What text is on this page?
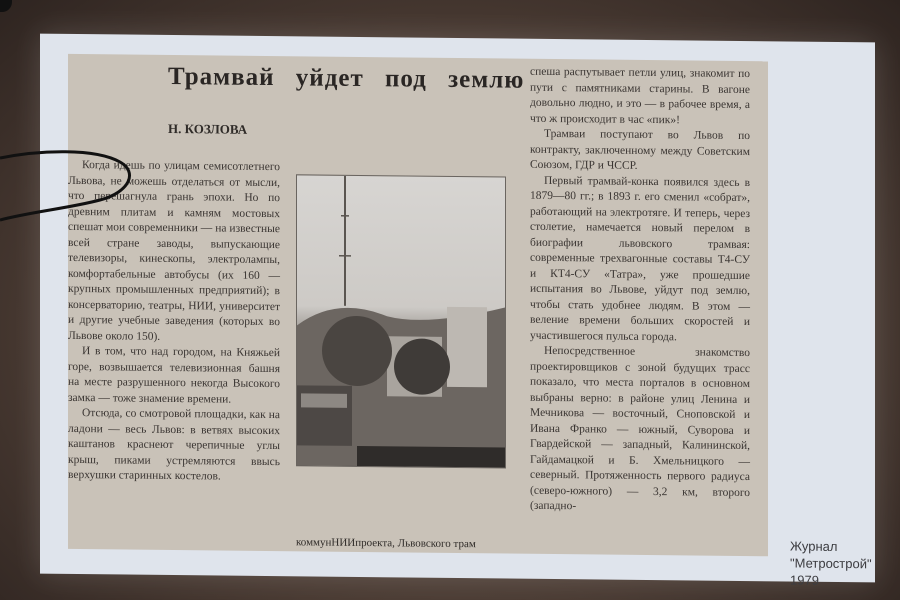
Трамвай уйдет под землю
Н. КОЗЛОВА

Когда идешь по улицам семисотлетнего Львова, не можешь отделаться от мысли, что перешагнула грань эпохи. Но по древним плитам и камням мостовых спешат мои современники — на известные всей стране заводы, выпускающие телевизоры, кинескопы, электролампы, комфортабельные автобусы (их 160 — крупных промышленных предприятий); в консерваторию, театры, НИИ, университет и другие учебные заведения (которых во Львове около 150).

И в том, что над городом, на Княжьей горе, возвышается телевизионная башня на месте разрушенного некогда Высокого замка — тоже знамение времени.

Отсюда, со смотровой площадки, как на ладони — весь Львов: в ветвях высоких каштанов краснеют черепичные углы крыш, пиками устремляются ввысь верхушки старинных костелов.

коммунНИИпроекта, Львовского трам

спеша распутывает петли улиц, знакомит по пути с памятниками старины. В вагоне довольно людно, и это — в рабочее время, а что ж происходит в час «пик»!

Трамваи поступают во Львов по контракту, заключенному между Советским Союзом, ГДР и ЧССР.

Первый трамвай-конка появился здесь в 1879—80 гг.; в 1893 г. его сменил «собрат», работающий на электротяге. И теперь, через столетие, намечается новый перелом в биографии львовского трамвая: современные трехвагонные составы Т4-СУ и КТ4-СУ «Татра», уже прошедшие испытания во Львове, уйдут под землю, чтобы стать удобнее людям. В этом — веление времени больших скоростей и участившегося пульса города.

Непосредственное знакомство проектировщиков с зоной будущих трасс показало, что места порталов в основном выбраны верно: в районе улиц Ленина и Мечникова — восточный, Сноповской и Ивана Франко — южный, Суворова и Гвардейской — западный, Калининской, Гайдамацкой и Б. Хмельницкого — северный. Протяженность первого радиуса (северо-южного) — 3,2 км, второго (западно-

Журнал
"Метрострой"
1979
